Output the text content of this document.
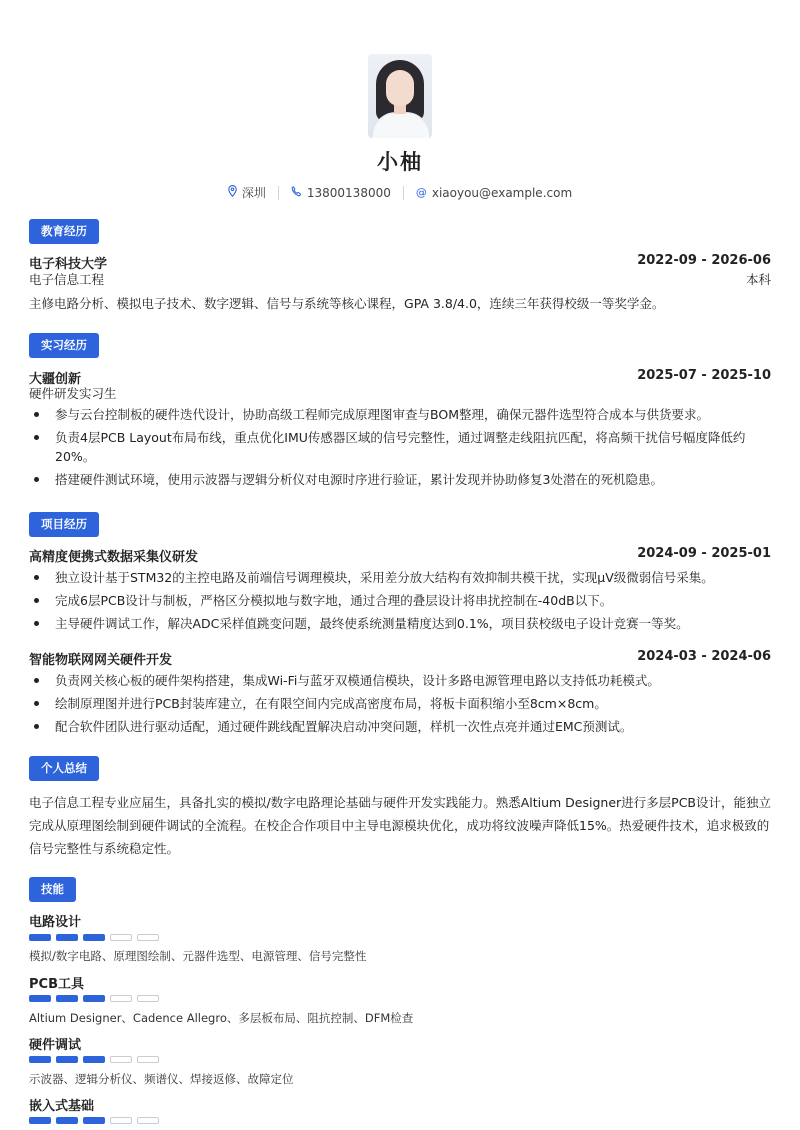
小柚
深圳	13800138000 @ xiaoyou@example.com
教育经历
电子科技大学	2022-09 - 2026-06
电子信息工程	本科
主修电路分析、模拟电子技术、数字逻辑、信号与系统等核心课程，GPA 3.8/4.0，连续三年获得校级一等奖学金。
实习经历
大疆创新	2025-07 - 2025-10
硬件研发实习生
参与云台控制板的硬件迭代设计，协助高级工程师完成原理图审查与BOM整理，确保元器件选型符合成本与供货要求。
负责4层PCB Layout布局布线，重点优化IMU传感器区域的信号完整性，通过调整走线阻抗匹配，将高频干扰信号幅度降低约20%。
搭建硬件测试环境，使用示波器与逻辑分析仪对电源时序进行验证，累计发现并协助修复3处潜在的死机隐患。
项目经历
高精度便携式数据采集仪研发	2024-09 - 2025-01
独立设计基于STM32的主控电路及前端信号调理模块，采用差分放大结构有效抑制共模干扰，实现μV级微弱信号采集。
完成6层PCB设计与制板，严格区分模拟地与数字地，通过合理的叠层设计将串扰控制在-40dB以下。
主导硬件调试工作，解决ADC采样值跳变问题，最终使系统测量精度达到0.1%，项目获校级电子设计竞赛一等奖。
智能物联网网关硬件开发	2024-03 - 2024-06
负责网关核心板的硬件架构搭建，集成Wi-Fi与蓝牙双模通信模块，设计多路电源管理电路以支持低功耗模式。
绘制原理图并进行PCB封装库建立，在有限空间内完成高密度布局，将板卡面积缩小至8cm×8cm。
配合软件团队进行驱动适配，通过硬件跳线配置解决启动冲突问题，样机一次性点亮并通过EMC预测试。
个人总结
电子信息工程专业应届生，具备扎实的模拟/数字电路理论基础与硬件开发实践能力。熟悉Altium Designer进行多层PCB设计，能独立完成从原理图绘制到硬件调试的全流程。在校企合作项目中主导电源模块优化，成功将纹波噪声降低15%。热爱硬件技术，追求极致的信号完整性与系统稳定性。
技能
电路设计
模拟/数字电路、原理图绘制、元器件选型、电源管理、信号完整性
PCB工具
Altium Designer、Cadence Allegro、多层板布局、阻抗控制、DFM检查
硬件调试
示波器、逻辑分析仪、频谱仪、焊接返修、故障定位
嵌入式基础
